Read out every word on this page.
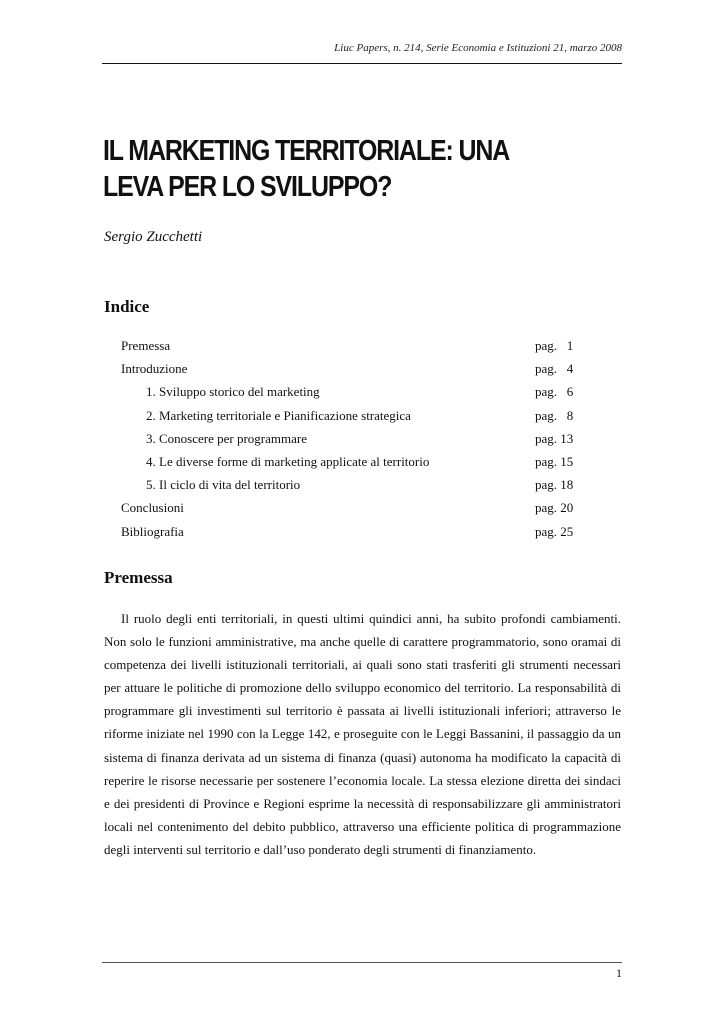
Liuc Papers, n. 214, Serie Economia e Istituzioni 21, marzo 2008
IL MARKETING TERRITORIALE: UNA LEVA PER LO SVILUPPO?
Sergio Zucchetti
Indice
Premessa	pag.   1
Introduzione	pag.   4
1. Sviluppo storico del marketing	pag.   6
2. Marketing territoriale e Pianificazione strategica	pag.   8
3. Conoscere per programmare	pag. 13
4. Le diverse forme di marketing applicate al territorio	pag. 15
5. Il ciclo di vita del territorio	pag. 18
Conclusioni	pag. 20
Bibliografia	pag. 25
Premessa

Il ruolo degli enti territoriali, in questi ultimi quindici anni, ha subito profondi cambiamenti. Non solo le funzioni amministrative, ma anche quelle di carattere programmatorio, sono oramai di competenza dei livelli istituzionali territoriali, ai quali sono stati trasferiti gli strumenti necessari per attuare le politiche di promozione dello sviluppo economico del territorio. La responsabilità di programmare gli investimenti sul territorio è passata ai livelli istituzionali inferiori; attraverso le riforme iniziate nel 1990 con la Legge 142, e proseguite con le Leggi Bassanini, il passaggio da un sistema di finanza derivata ad un sistema di finanza (quasi) autonoma ha modificato la capacità di reperire le risorse necessarie per sostenere l’economia locale. La stessa elezione diretta dei sindaci e dei presidenti di Province e Regioni esprime la necessità di responsabilizzare gli amministratori locali nel contenimento del debito pubblico, attraverso una efficiente politica di programmazione degli interventi sul territorio e dall’uso ponderato degli strumenti di finanziamento.

1
